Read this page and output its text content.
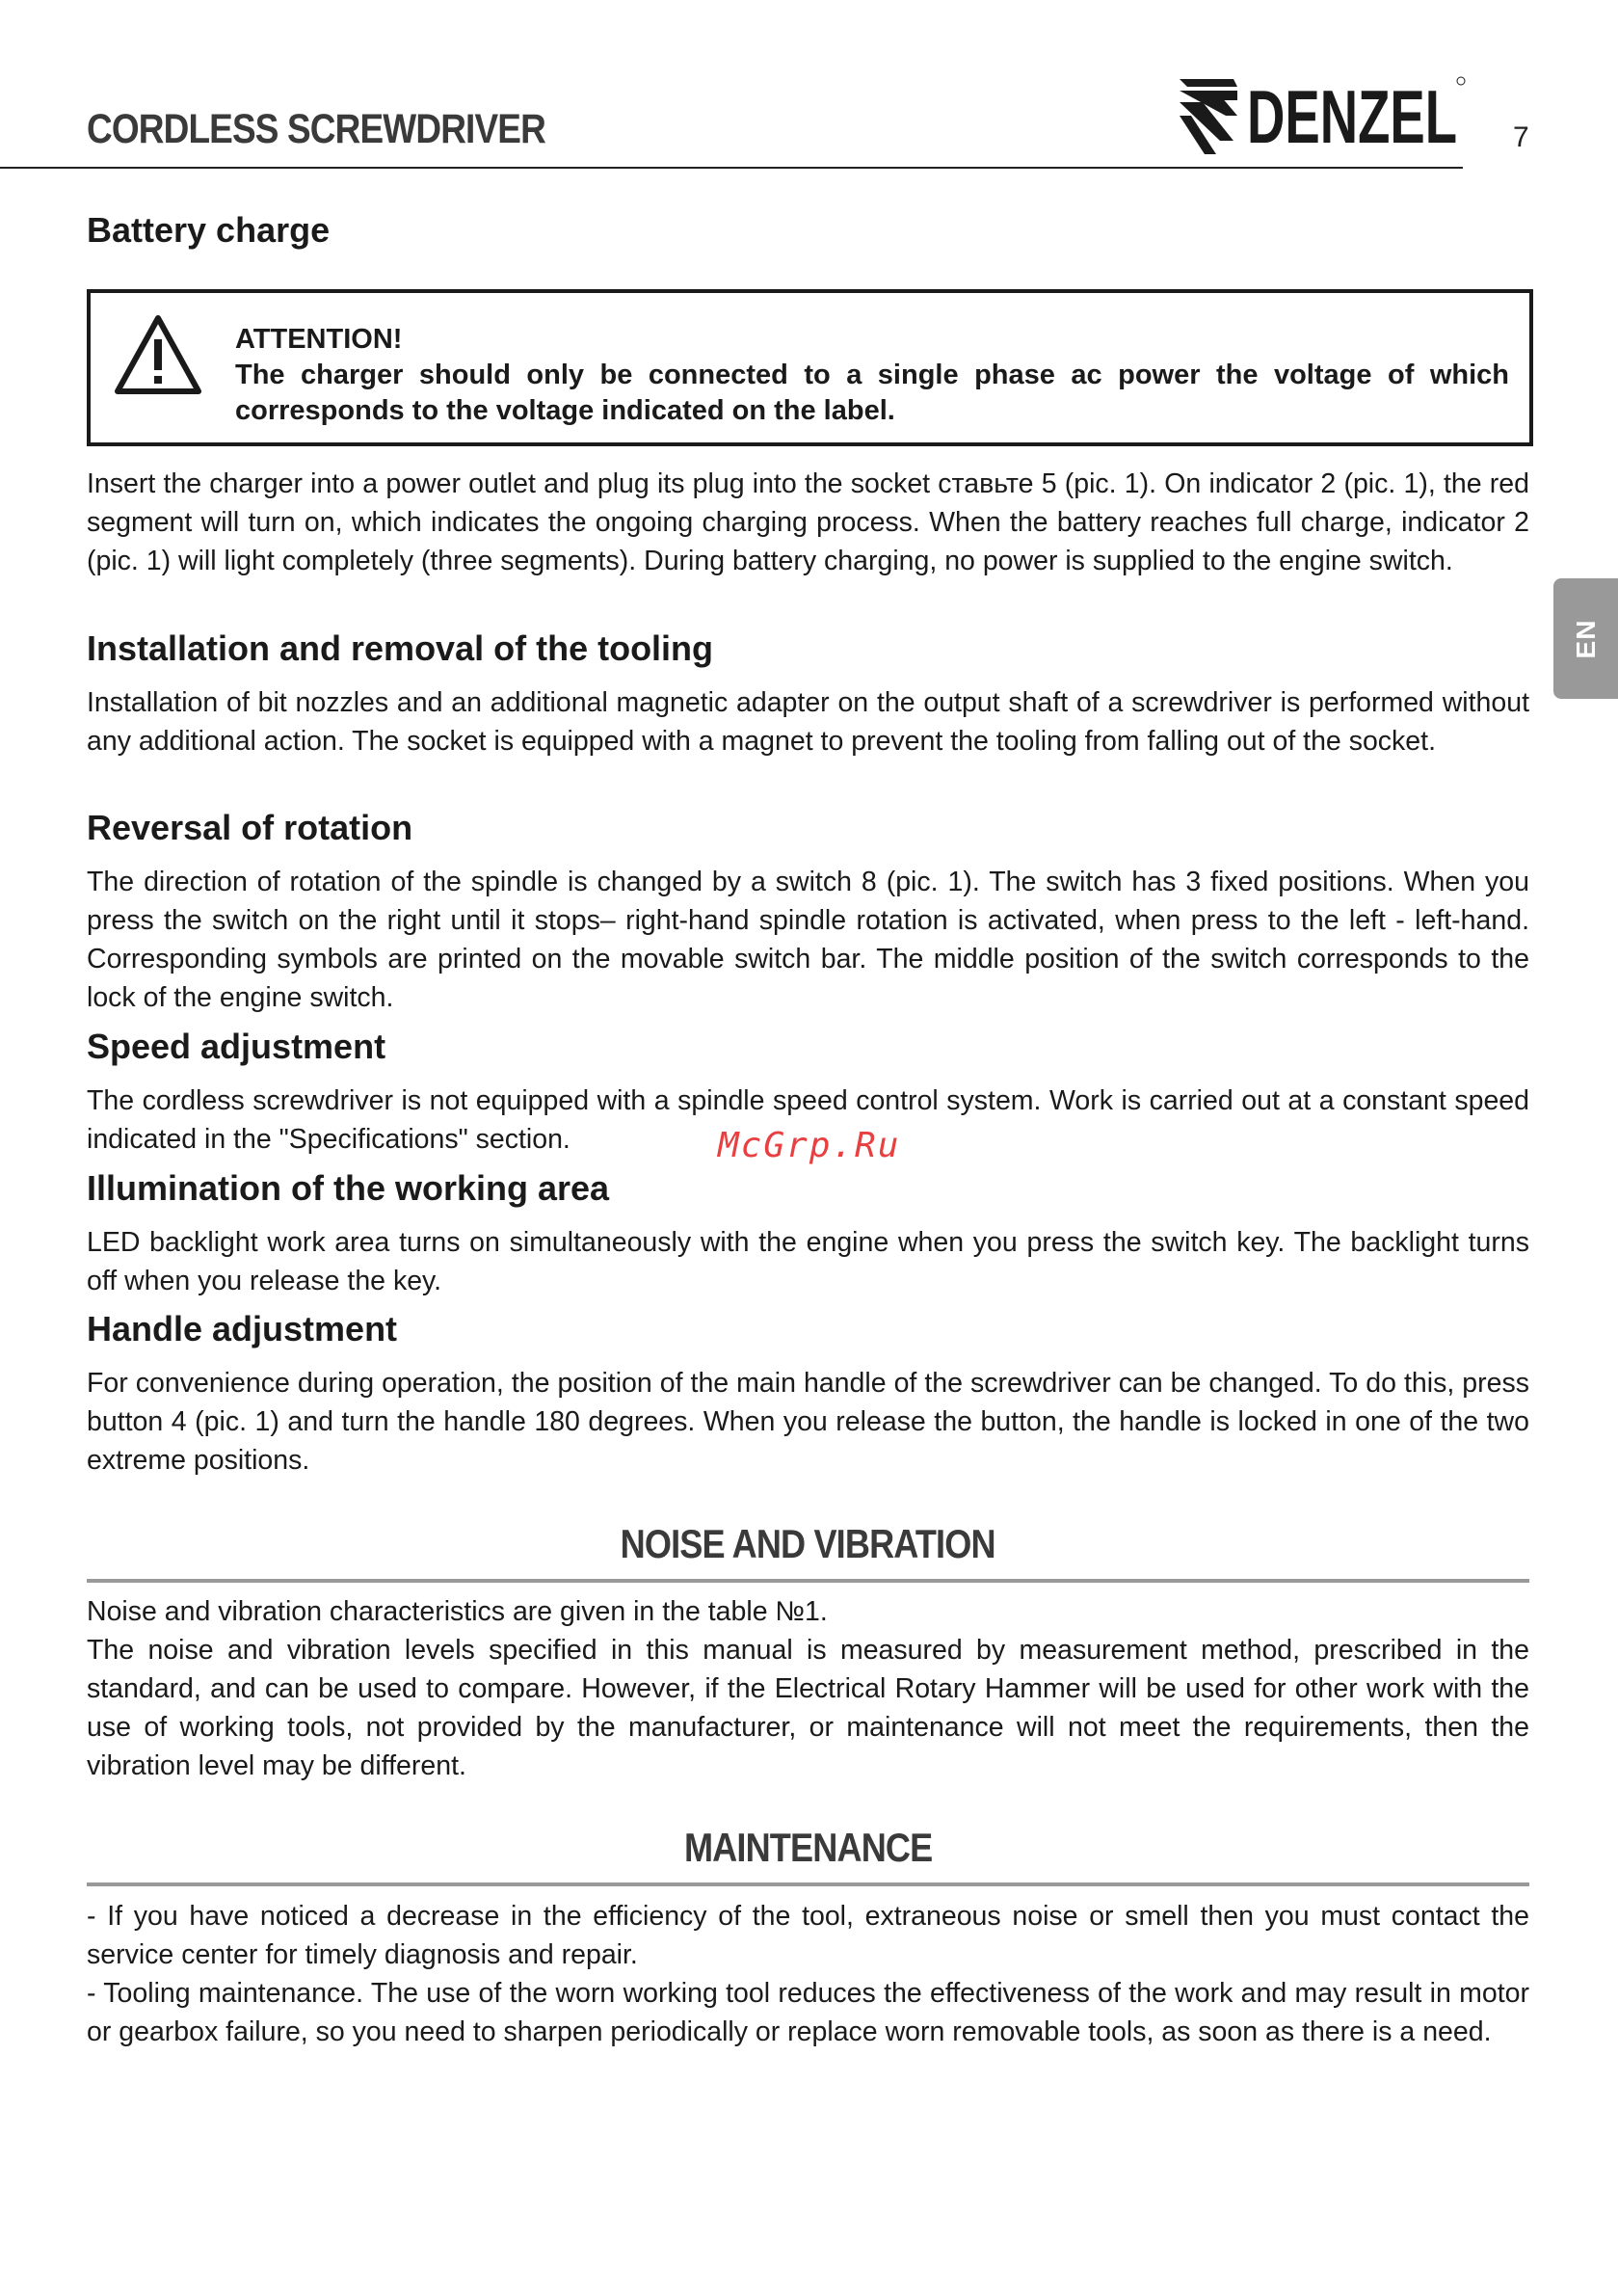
CORDLESS SCREWDRIVER	DENZEL 7
EN
Battery charge

Insert the charger into a power outlet and plug its plug into the socket ставьте 5 (pic. 1). On indicator 2 (pic. 1), the red segment will turn on, which indicates the ongoing charging process. When the battery reaches full charge, indicator 2 (pic. 1) will light completely (three segments). During battery charging, no power is supplied to the engine switch.

Installation and removal of the tooling

Installation of bit nozzles and an additional magnetic adapter on the output shaft of a screwdriver is performed without any additional action. The socket is equipped with a magnet to prevent the tooling from falling out of the socket.

Reversal of rotation

The direction of rotation of the spindle is changed by a switch 8 (pic. 1). The switch has 3 fixed positions. When you press the switch on the right until it stops– right-hand spindle rotation is activated, when press to the left - left-hand. Corresponding symbols are printed on the movable switch bar. The middle position of the switch corresponds to the lock of the engine switch.

Speed adjustment

The cordless screwdriver is not equipped with a spindle speed control system. Work is carried out at a constant speed indicated in the "Specifications" section.

Illumination of the working area

LED backlight work area turns on simultaneously with the engine when you press the switch key. The backlight turns off when you release the key.

Handle adjustment

For convenience during operation, the position of the main handle of the screwdriver can be changed. To do this, press button 4 (pic. 1) and turn the handle 180 degrees. When you release the button, the handle is locked in one of the two extreme positions.

NOISE AND VIBRATION

Noise and vibration characteristics are given in the table №1.

The noise and vibration levels specified in this manual is measured by measurement method, prescribed in the standard, and can be used to compare. However, if the Electrical Rotary Hammer will be used for other work with the use of working tools, not provided by the manufacturer, or maintenance will not meet the requirements, then the vibration level may be different.

MAINTENANCE

- If you have noticed a decrease in the efficiency of the tool, extraneous noise or smell then you must contact the service center for timely diagnosis and repair.

- Tooling maintenance. The use of the worn working tool reduces the effectiveness of the work and may result in motor or gearbox failure, so you need to sharpen periodically or replace worn removable tools, as soon as there is a need.

ATTENTION!
The charger should only be connected to a single phase ac power the voltage of which corresponds to the voltage indicated on the label.
McGrp.Ru
